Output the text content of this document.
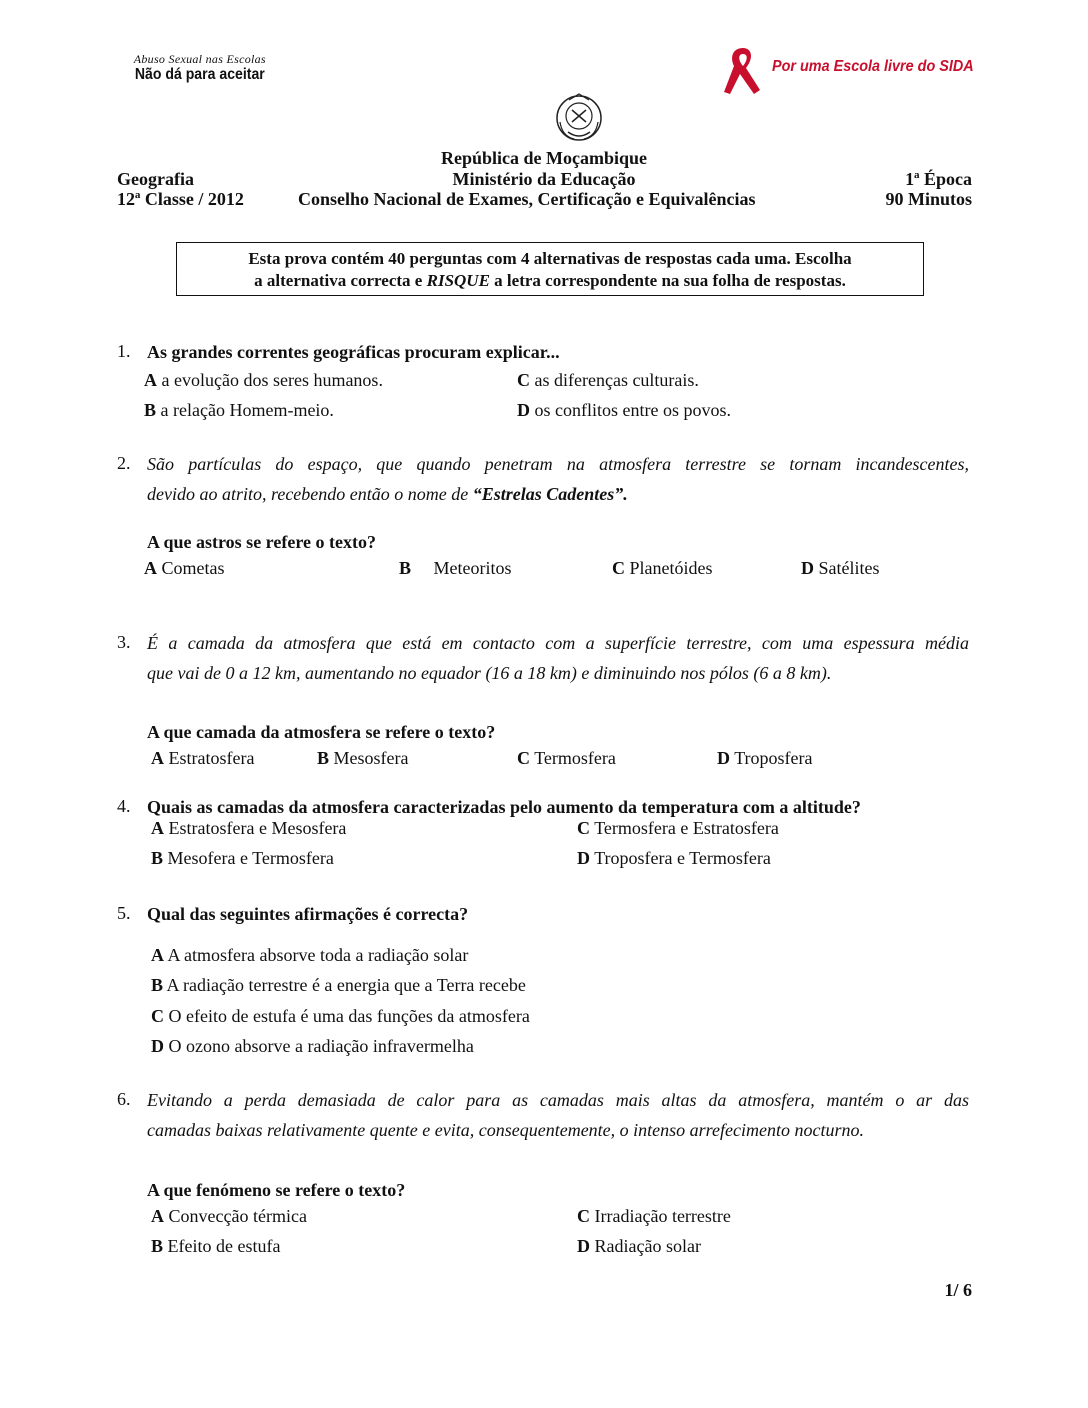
Abuso Sexual nas Escolas
Não dá para aceitar	Por uma Escola livre do SIDA
República de Moçambique
Geografia	Ministério da Educação	1ª Época
12ª Classe / 2012	Conselho Nacional de Exames, Certificação e Equivalências	90 Minutos
Esta prova contém 40 perguntas com 4 alternativas de respostas cada uma. Escolha
a alternativa correcta e RISQUE a letra correspondente na sua folha de respostas.
1. As grandes correntes geográficas procuram explicar...
A a evolução dos seres humanos.	C as diferenças culturais.
B a relação Homem-meio.	D os conflitos entre os povos.
2. São partículas do espaço, que quando penetram na atmosfera terrestre se tornam incandescentes,
devido ao atrito, recebendo então o nome de “Estrelas Cadentes”.
A que astros se refere o texto?
A Cometas	B Meteoritos	C Planetóides	D Satélites
3. É a camada da atmosfera que está em contacto com a superfície terrestre, com uma espessura média
que vai de 0 a 12 km, aumentando no equador (16 a 18 km) e diminuindo nos pólos (6 a 8 km).
A que camada da atmosfera se refere o texto?
A Estratosfera	B Mesosfera	C Termosfera	D Troposfera
4. Quais as camadas da atmosfera caracterizadas pelo aumento da temperatura com a altitude?
A Estratosfera e Mesosfera	C Termosfera e Estratosfera
B Mesofera e Termosfera	D Troposfera e Termosfera
5. Qual das seguintes afirmações é correcta?
A A atmosfera absorve toda a radiação solar
B A radiação terrestre é a energia que a Terra recebe
C O efeito de estufa é uma das funções da atmosfera
D O ozono absorve a radiação infravermelha
6. Evitando a perda demasiada de calor para as camadas mais altas da atmosfera, mantém o ar das
camadas baixas relativamente quente e evita, consequentemente, o intenso arrefecimento nocturno.
A que fenómeno se refere o texto?
A Convecção térmica	C Irradiação terrestre
B Efeito de estufa	D Radiação solar
1/ 6
